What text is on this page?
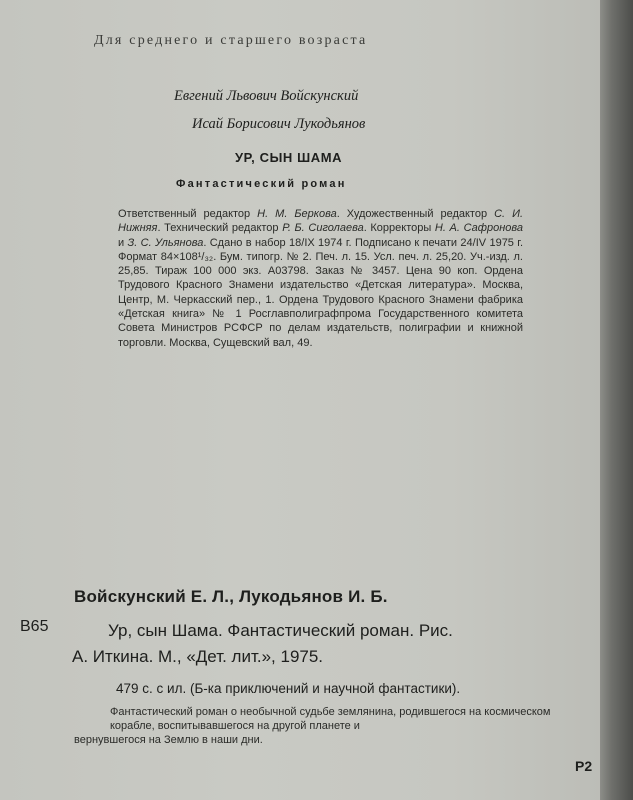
Для среднего и старшего возраста
Евгений Львович Войскунский
Исай Борисович Лукодьянов
УР, СЫН ШАМА
Фантастический роман
Ответственный редактор Н. М. Беркова. Художественный редактор С. И. Нижняя. Технический редактор Р. Б. Сиголаева. Корректоры Н. А. Сафронова и З. С. Ульянова. Сдано в набор 18/IX 1974 г. Подписано к печати 24/IV 1975 г. Формат 84×108¹/₃₂. Бум. типогр. № 2. Печ. л. 15. Усл. печ. л. 25,20. Уч.-изд. л. 25,85. Тираж 100 000 экз. А03798. Заказ № 3457. Цена 90 коп. Ордена Трудового Красного Знамени издательство «Детская литература». Москва, Центр, М. Черкасский пер., 1. Ордена Трудового Красного Знамени фабрика «Детская книга» № 1 Росглавполиграфпрома Государственного комитета Совета Министров РСФСР по делам издательств, полиграфии и книжной торговли. Москва, Сущевский вал, 49.
Войскунский Е. Л., Лукодьянов И. Б.
В65	Ур, сын Шама. Фантастический роман. Рис.
А. Иткина. М., «Дет. лит.», 1975.
479 с. с ил. (Б-ка приключений и научной фантастики).
Фантастический роман о необычной судьбе землянина, родившегося на космическом корабле, воспитывавшегося на другой планете и
вернувшегося на Землю в наши дни.
Р2
